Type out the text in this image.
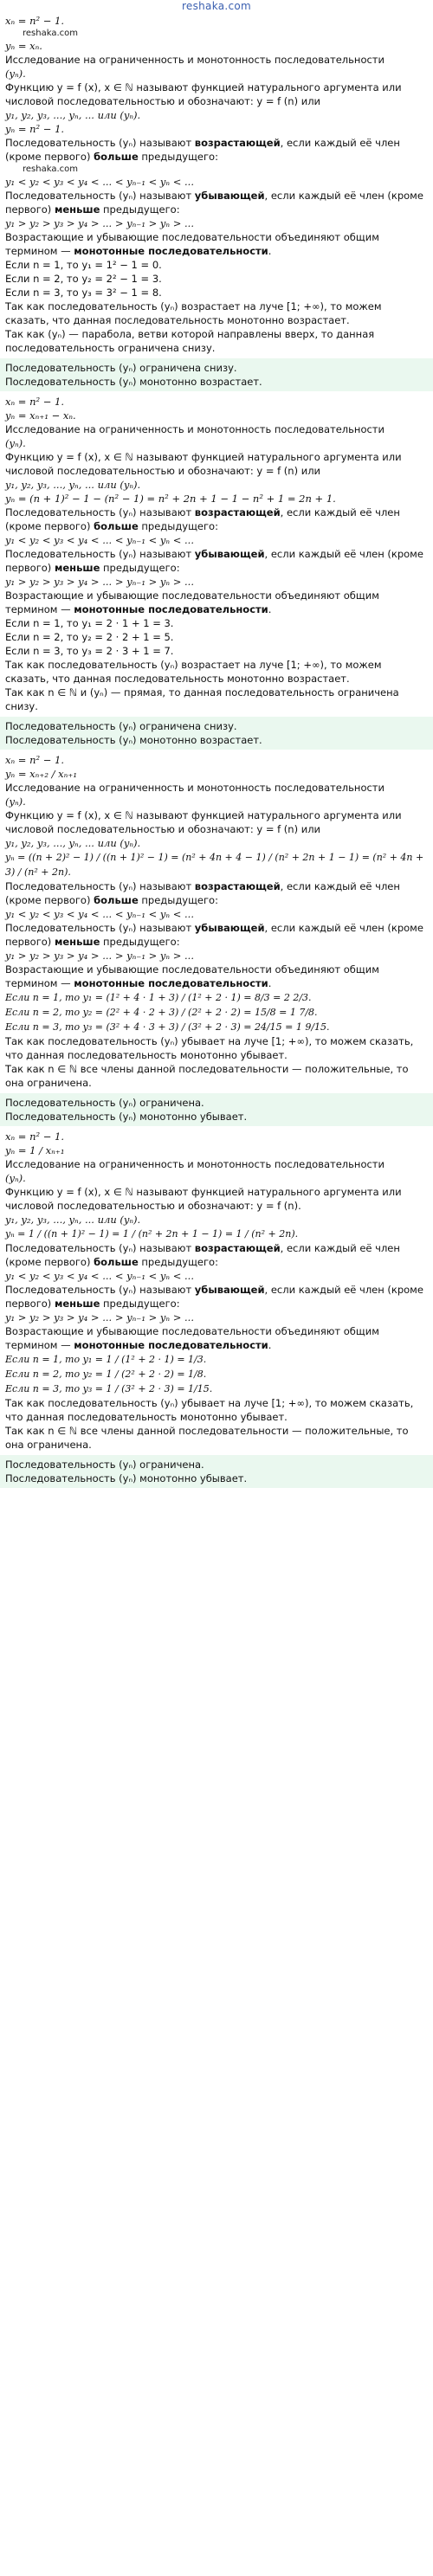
reshaka.com
xₙ = n² − 1.
reshaka.com
yₙ = xₙ.
Исследование на ограниченность и монотонность последовательности
(yₙ).
Функцию y = f (x), x ∈ ℕ называют функцией натурального аргумента или
числовой последовательностью и обозначают: y = f (n) или
y₁, y₂, y₃, ..., yₙ, ... или (yₙ).
yₙ = n² − 1.
Последовательность (yₙ) называют возрастающей, если каждый её член
(кроме первого) больше предыдущего:
reshaka.com
y₁ < y₂ < y₃ < y₄ < ... < yₙ₋₁ < yₙ < ...
Последовательность (yₙ) называют убывающей, если каждый её член (кроме
первого) меньше предыдущего:
y₁ > y₂ > y₃ > y₄ > ... > yₙ₋₁ > yₙ > ...
Возрастающие и убывающие последовательности объединяют общим
термином — монотонные последовательности.
Если n = 1, то y₁ = 1² − 1 = 0.
Если n = 2, то y₂ = 2² − 1 = 3.
Если n = 3, то y₃ = 3² − 1 = 8.
Так как последовательность (yₙ) возрастает на луче [1; +∞), то можем
сказать, что данная последовательность монотонно возрастает.
Так как (yₙ) — парабола, ветви которой направлены вверх, то данная
последовательность ограничена снизу.
Последовательность (yₙ) ограничена снизу.
Последовательность (yₙ) монотонно возрастает.
xₙ = n² − 1.
yₙ = xₙ₊₁ − xₙ.
Исследование на ограниченность и монотонность последовательности
(yₙ).
Функцию y = f (x), x ∈ ℕ называют функцией натурального аргумента или
числовой последовательностью и обозначают: y = f (n) или
y₁, y₂, y₃, ..., yₙ, ... или (yₙ).
yₙ = (n + 1)² − 1 − (n² − 1) = n² + 2n + 1 − 1 − n² + 1 = 2n + 1.
Последовательность (yₙ) называют возрастающей, если каждый её член
(кроме первого) больше предыдущего:
y₁ < y₂ < y₃ < y₄ < ... < yₙ₋₁ < yₙ < ...
Последовательность (yₙ) называют убывающей, если каждый её член (кроме
первого) меньше предыдущего:
y₁ > y₂ > y₃ > y₄ > ... > yₙ₋₁ > yₙ > ...
Возрастающие и убывающие последовательности объединяют общим
термином — монотонные последовательности.
Если n = 1, то y₁ = 2 · 1 + 1 = 3.
Если n = 2, то y₂ = 2 · 2 + 1 = 5.
Если n = 3, то y₃ = 2 · 3 + 1 = 7.
Так как последовательность (yₙ) возрастает на луче [1; +∞), то можем
сказать, что данная последовательность монотонно возрастает.
Так как n ∈ ℕ и (yₙ) — прямая, то данная последовательность ограничена
снизу.
Последовательность (yₙ) ограничена снизу.
Последовательность (yₙ) монотонно возрастает.
xₙ = n² − 1.
yₙ = xₙ₊₂ / xₙ₊₁
Исследование на ограниченность и монотонность последовательности
(yₙ).
Функцию y = f (x), x ∈ ℕ называют функцией натурального аргумента или
числовой последовательностью и обозначают: y = f (n) или
y₁, y₂, y₃, ..., yₙ, ... или (yₙ).
yₙ = ((n + 2)² − 1) / ((n + 1)² − 1) = (n² + 4n + 4 − 1) / (n² + 2n + 1 − 1) = (n² + 4n + 3) / (n² + 2n).
Последовательность (yₙ) называют возрастающей, если каждый её член
(кроме первого) больше предыдущего:
y₁ < y₂ < y₃ < y₄ < ... < yₙ₋₁ < yₙ < ...
Последовательность (yₙ) называют убывающей, если каждый её член (кроме
первого) меньше предыдущего:
y₁ > y₂ > y₃ > y₄ > ... > yₙ₋₁ > yₙ > ...
Возрастающие и убывающие последовательности объединяют общим
термином — монотонные последовательности.
Если n = 1, то y₁ = (1² + 4 · 1 + 3) / (1² + 2 · 1) = 8/3 = 2 2/3.
Если n = 2, то y₂ = (2² + 4 · 2 + 3) / (2² + 2 · 2) = 15/8 = 1 7/8.
Если n = 3, то y₃ = (3² + 4 · 3 + 3) / (3² + 2 · 3) = 24/15 = 1 9/15.
Так как последовательность (yₙ) убывает на луче [1; +∞), то можем сказать,
что данная последовательность монотонно убывает.
Так как n ∈ ℕ все члены данной последовательности — положительные, то
она ограничена.
Последовательность (yₙ) ограничена.
Последовательность (yₙ) монотонно убывает.
xₙ = n² − 1.
yₙ = 1 / xₙ₊₁
Исследование на ограниченность и монотонность последовательности
(yₙ).
Функцию y = f (x), x ∈ ℕ называют функцией натурального аргумента или
числовой последовательностью и обозначают: y = f (n).
y₁, y₂, y₃, ..., yₙ, ... или (yₙ).
yₙ = 1 / ((n + 1)² − 1) = 1 / (n² + 2n + 1 − 1) = 1 / (n² + 2n).
Последовательность (yₙ) называют возрастающей, если каждый её член
(кроме первого) больше предыдущего:
y₁ < y₂ < y₃ < y₄ < ... < yₙ₋₁ < yₙ < ...
Последовательность (yₙ) называют убывающей, если каждый её член (кроме
первого) меньше предыдущего:
y₁ > y₂ > y₃ > y₄ > ... > yₙ₋₁ > yₙ > ...
Возрастающие и убывающие последовательности объединяют общим
термином — монотонные последовательности.
Если n = 1, то y₁ = 1 / (1² + 2 · 1) = 1/3.
Если n = 2, то y₂ = 1 / (2² + 2 · 2) = 1/8.
Если n = 3, то y₃ = 1 / (3² + 2 · 3) = 1/15.
Так как последовательность (yₙ) убывает на луче [1; +∞), то можем сказать,
что данная последовательность монотонно убывает.
Так как n ∈ ℕ все члены данной последовательности — положительные, то
она ограничена.
Последовательность (yₙ) ограничена.
Последовательность (yₙ) монотонно убывает.
